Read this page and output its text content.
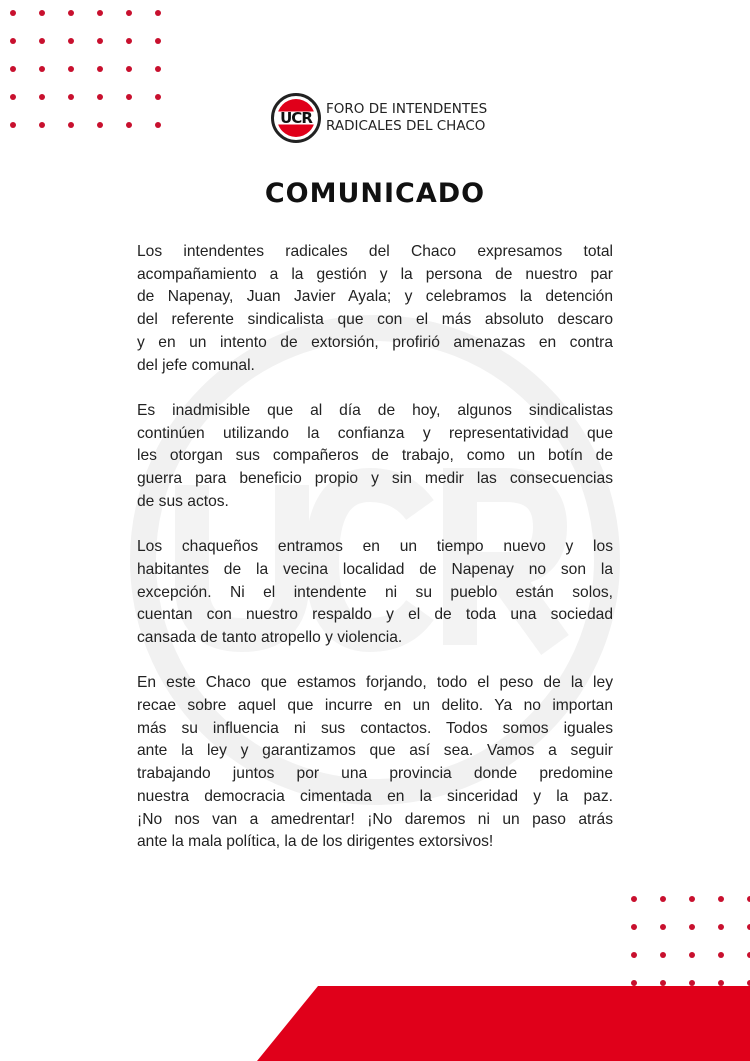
UCR FORO DE INTENDENTES
RADICALES DEL CHACO
COMUNICADO
Los intendentes radicales del Chaco expresamos total
acompañamiento a la gestión y la persona de nuestro par
de Napenay, Juan Javier Ayala; y celebramos la detención
del referente sindicalista que con el más absoluto descaro
y en un intento de extorsión, profirió amenazas en contra
del jefe comunal.
Es inadmisible que al día de hoy, algunos sindicalistas
continúen utilizando la confianza y representatividad que
les otorgan sus compañeros de trabajo, como un botín de
guerra para beneficio propio y sin medir las consecuencias
de sus actos.
Los chaqueños entramos en un tiempo nuevo y los
habitantes de la vecina localidad de Napenay no son la
excepción. Ni el intendente ni su pueblo están solos,
cuentan con nuestro respaldo y el de toda una sociedad
cansada de tanto atropello y violencia.
En este Chaco que estamos forjando, todo el peso de la ley
recae sobre aquel que incurre en un delito. Ya no importan
más su influencia ni sus contactos. Todos somos iguales
ante la ley y garantizamos que así sea. Vamos a seguir
trabajando juntos por una provincia donde predomine
nuestra democracia cimentada en la sinceridad y la paz.
¡No nos van a amedrentar! ¡No daremos ni un paso atrás
ante la mala política, la de los dirigentes extorsivos!
